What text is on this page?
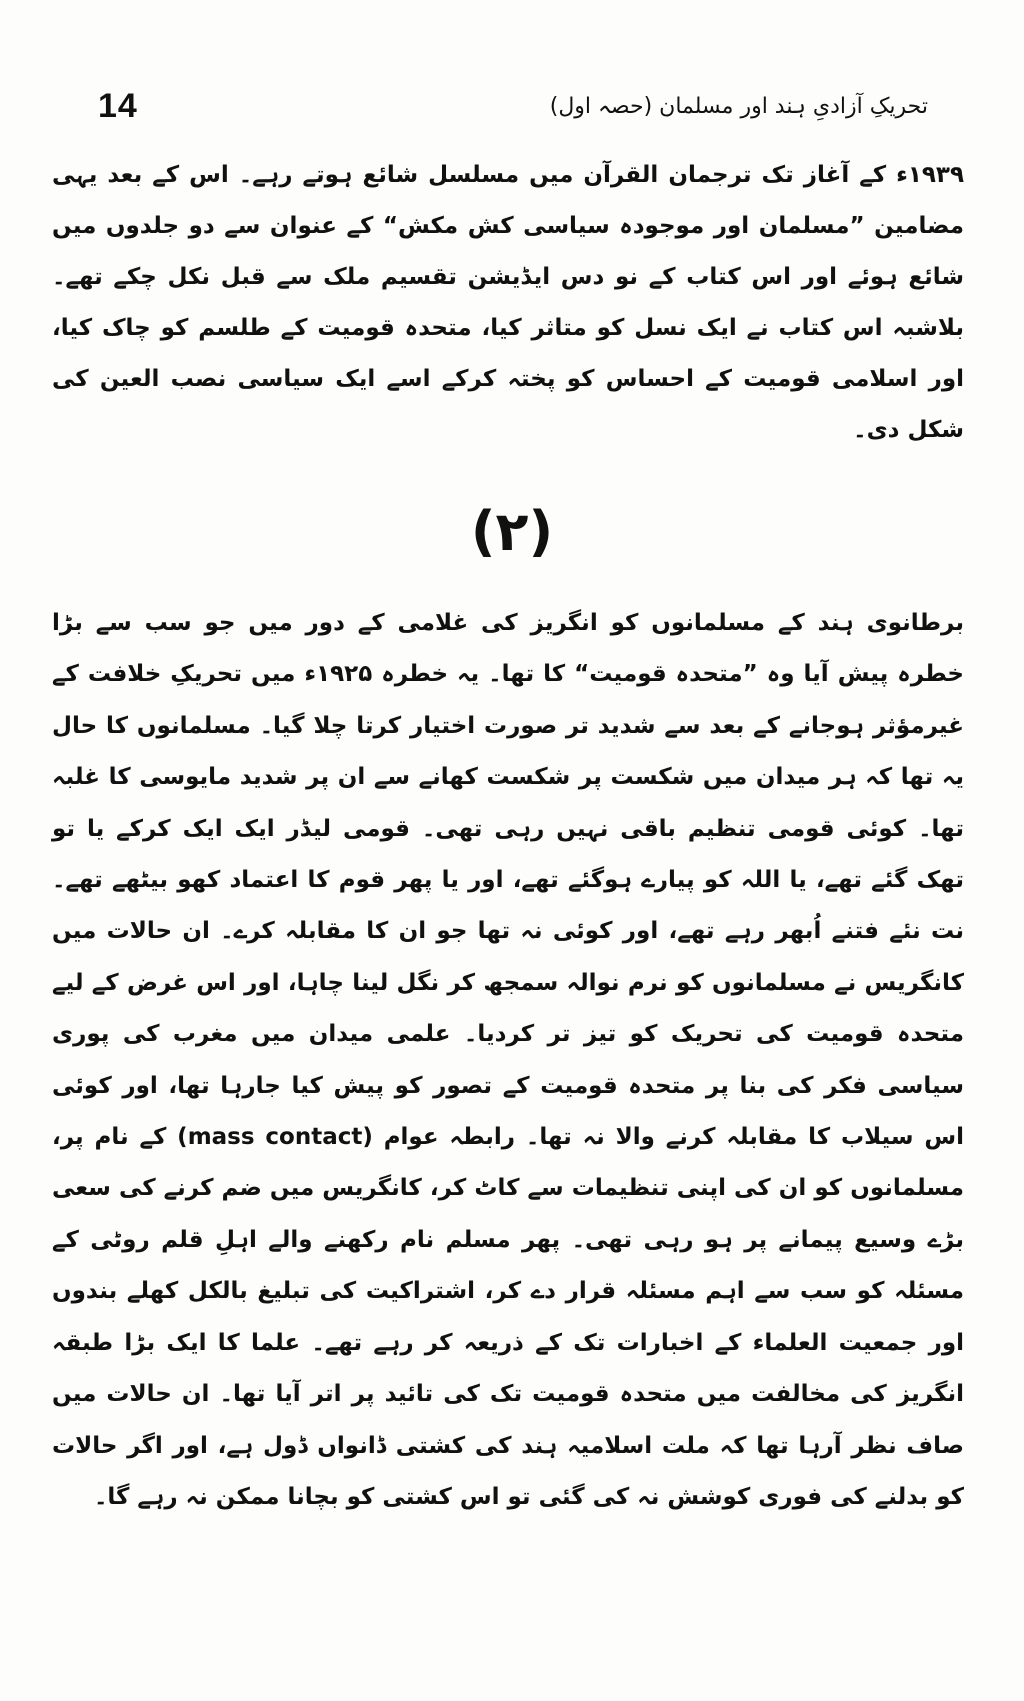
14	تحریکِ آزادیِ ہند اور مسلمان (حصہ اول)

۱۹۳۹ء کے آغاز تک ترجمان القرآن میں مسلسل شائع ہوتے رہے۔ اس کے بعد یہی مضامین ”مسلمان اور موجودہ سیاسی کش مکش“ کے عنوان سے دو جلدوں میں شائع ہوئے اور اس کتاب کے نو دس ایڈیشن تقسیم ملک سے قبل نکل چکے تھے۔ بلاشبہ اس کتاب نے ایک نسل کو متاثر کیا، متحدہ قومیت کے طلسم کو چاک کیا، اور اسلامی قومیت کے احساس کو پختہ کرکے اسے ایک سیاسی نصب العین کی شکل دی۔

(۲)

برطانوی ہند کے مسلمانوں کو انگریز کی غلامی کے دور میں جو سب سے بڑا خطرہ پیش آیا وہ ”متحدہ قومیت“ کا تھا۔ یہ خطرہ ۱۹۲۵ء میں تحریکِ خلافت کے غیرمؤثر ہوجانے کے بعد سے شدید تر صورت اختیار کرتا چلا گیا۔ مسلمانوں کا حال یہ تھا کہ ہر میدان میں شکست پر شکست کھانے سے ان پر شدید مایوسی کا غلبہ تھا۔ کوئی قومی تنظیم باقی نہیں رہی تھی۔ قومی لیڈر ایک ایک کرکے یا تو تھک گئے تھے، یا اللہ کو پیارے ہوگئے تھے، اور یا پھر قوم کا اعتماد کھو بیٹھے تھے۔ نت نئے فتنے اُبھر رہے تھے، اور کوئی نہ تھا جو ان کا مقابلہ کرے۔ ان حالات میں کانگریس نے مسلمانوں کو نرم نوالہ سمجھ کر نگل لینا چاہا، اور اس غرض کے لیے متحدہ قومیت کی تحریک کو تیز تر کردیا۔ علمی میدان میں مغرب کی پوری سیاسی فکر کی بنا پر متحدہ قومیت کے تصور کو پیش کیا جارہا تھا، اور کوئی اس سیلاب کا مقابلہ کرنے والا نہ تھا۔ رابطہ عوام (mass contact) کے نام پر، مسلمانوں کو ان کی اپنی تنظیمات سے کاٹ کر، کانگریس میں ضم کرنے کی سعی بڑے وسیع پیمانے پر ہو رہی تھی۔ پھر مسلم نام رکھنے والے اہلِ قلم روٹی کے مسئلہ کو سب سے اہم مسئلہ قرار دے کر، اشتراکیت کی تبلیغ بالکل کھلے بندوں اور جمعیت العلماء کے اخبارات تک کے ذریعہ کر رہے تھے۔ علما کا ایک بڑا طبقہ انگریز کی مخالفت میں متحدہ قومیت تک کی تائید پر اتر آیا تھا۔ ان حالات میں صاف نظر آرہا تھا کہ ملت اسلامیہ ہند کی کشتی ڈانواں ڈول ہے، اور اگر حالات کو بدلنے کی فوری کوشش نہ کی گئی تو اس کشتی کو بچانا ممکن نہ رہے گا۔
